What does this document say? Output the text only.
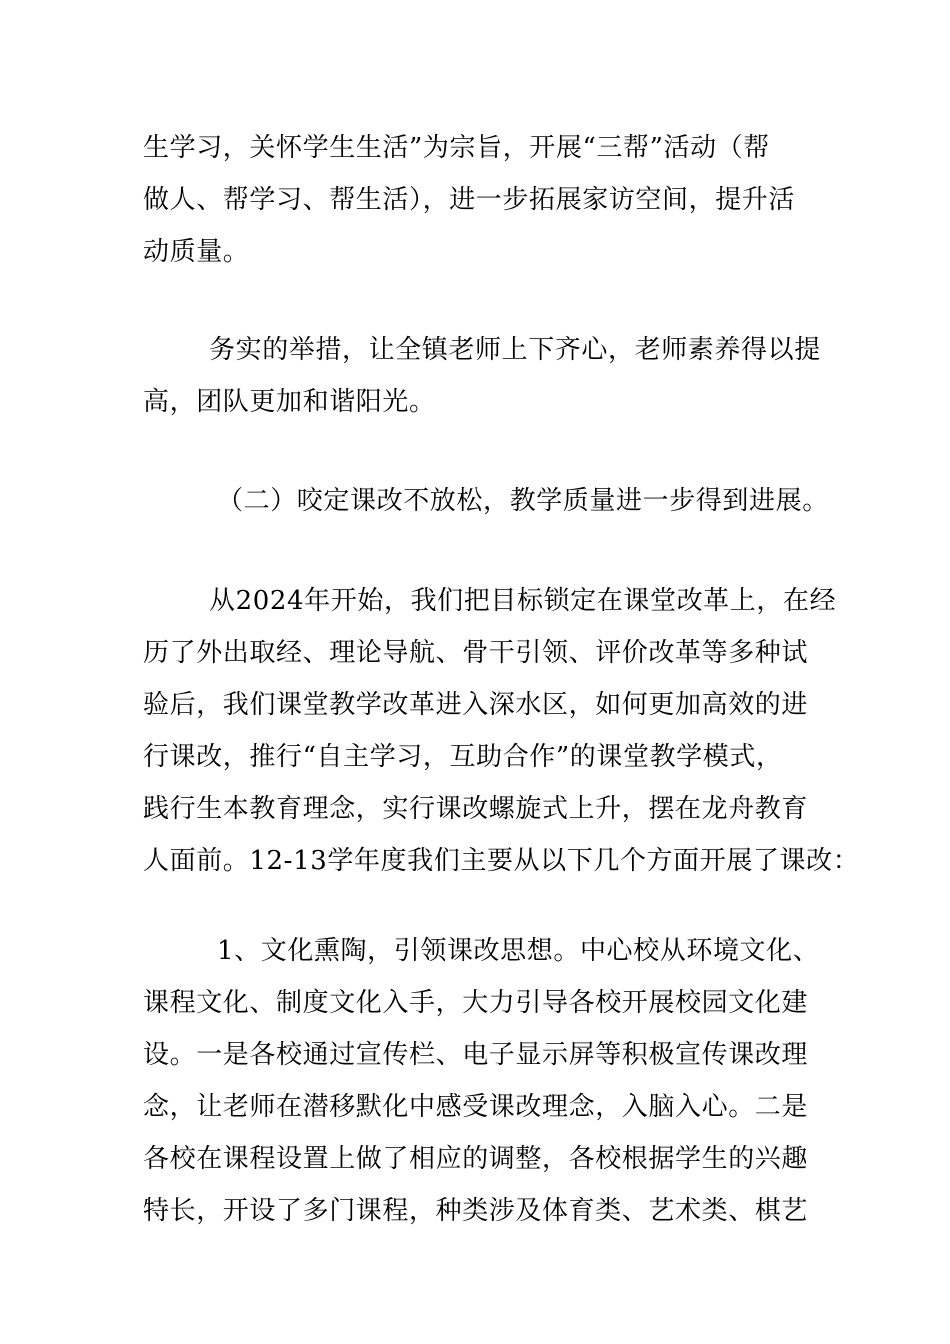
生学习，关怀学生生活”为宗旨，开展“三帮”活动（帮
做人、帮学习、帮生活），进一步拓展家访空间，提升活
动质量。
务实的举措，让全镇老师上下齐心，老师素养得以提
高，团队更加和谐阳光。
（二）咬定课改不放松，教学质量进一步得到进展。
从2024年开始，我们把目标锁定在课堂改革上，在经
历了外出取经、理论导航、骨干引领、评价改革等多种试
验后，我们课堂教学改革进入深水区，如何更加高效的进
行课改，推行“自主学习，互助合作”的课堂教学模式，
践行生本教育理念，实行课改螺旋式上升，摆在龙舟教育
人面前。12-13学年度我们主要从以下几个方面开展了课改：
1、文化熏陶，引领课改思想。中心校从环境文化、
课程文化、制度文化入手，大力引导各校开展校园文化建
设。一是各校通过宣传栏、电子显示屏等积极宣传课改理
念，让老师在潜移默化中感受课改理念，入脑入心。二是
各校在课程设置上做了相应的调整，各校根据学生的兴趣
特长，开设了多门课程，种类涉及体育类、艺术类、棋艺
